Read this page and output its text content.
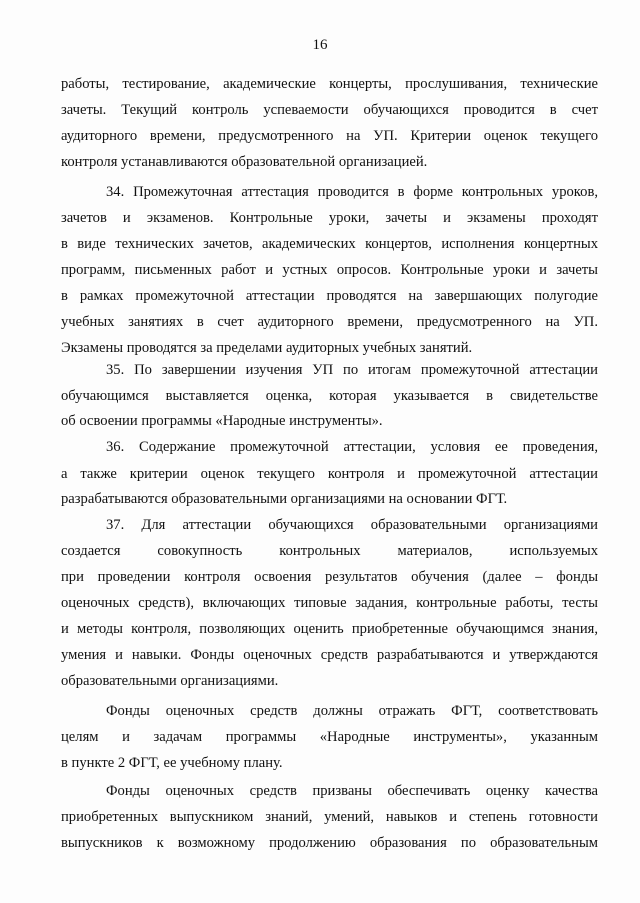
16
работы, тестирование, академические концерты, прослушивания, технические
зачеты. Текущий контроль успеваемости обучающихся проводится в счет
аудиторного времени, предусмотренного на УП. Критерии оценок текущего
контроля устанавливаются образовательной организацией.
34. Промежуточная аттестация проводится в форме контрольных уроков,
зачетов и экзаменов. Контрольные уроки, зачеты и экзамены проходят
в виде технических зачетов, академических концертов, исполнения концертных
программ, письменных работ и устных опросов. Контрольные уроки и зачеты
в рамках промежуточной аттестации проводятся на завершающих полугодие
учебных занятиях в счет аудиторного времени, предусмотренного на УП.
Экзамены проводятся за пределами аудиторных учебных занятий.
35. По завершении изучения УП по итогам промежуточной аттестации
обучающимся выставляется оценка, которая указывается в свидетельстве
об освоении программы «Народные инструменты».
36. Содержание промежуточной аттестации, условия ее проведения,
а также критерии оценок текущего контроля и промежуточной аттестации
разрабатываются образовательными организациями на основании ФГТ.
37. Для аттестации обучающихся образовательными организациями
создается совокупность контрольных материалов, используемых
при проведении контроля освоения результатов обучения (далее – фонды
оценочных средств), включающих типовые задания, контрольные работы, тесты
и методы контроля, позволяющих оценить приобретенные обучающимся знания,
умения и навыки. Фонды оценочных средств разрабатываются и утверждаются
образовательными организациями.
Фонды оценочных средств должны отражать ФГТ, соответствовать
целям и задачам программы «Народные инструменты», указанным
в пункте 2 ФГТ, ее учебному плану.
Фонды оценочных средств призваны обеспечивать оценку качества
приобретенных выпускником знаний, умений, навыков и степень готовности
выпускников к возможному продолжению образования по образовательным
